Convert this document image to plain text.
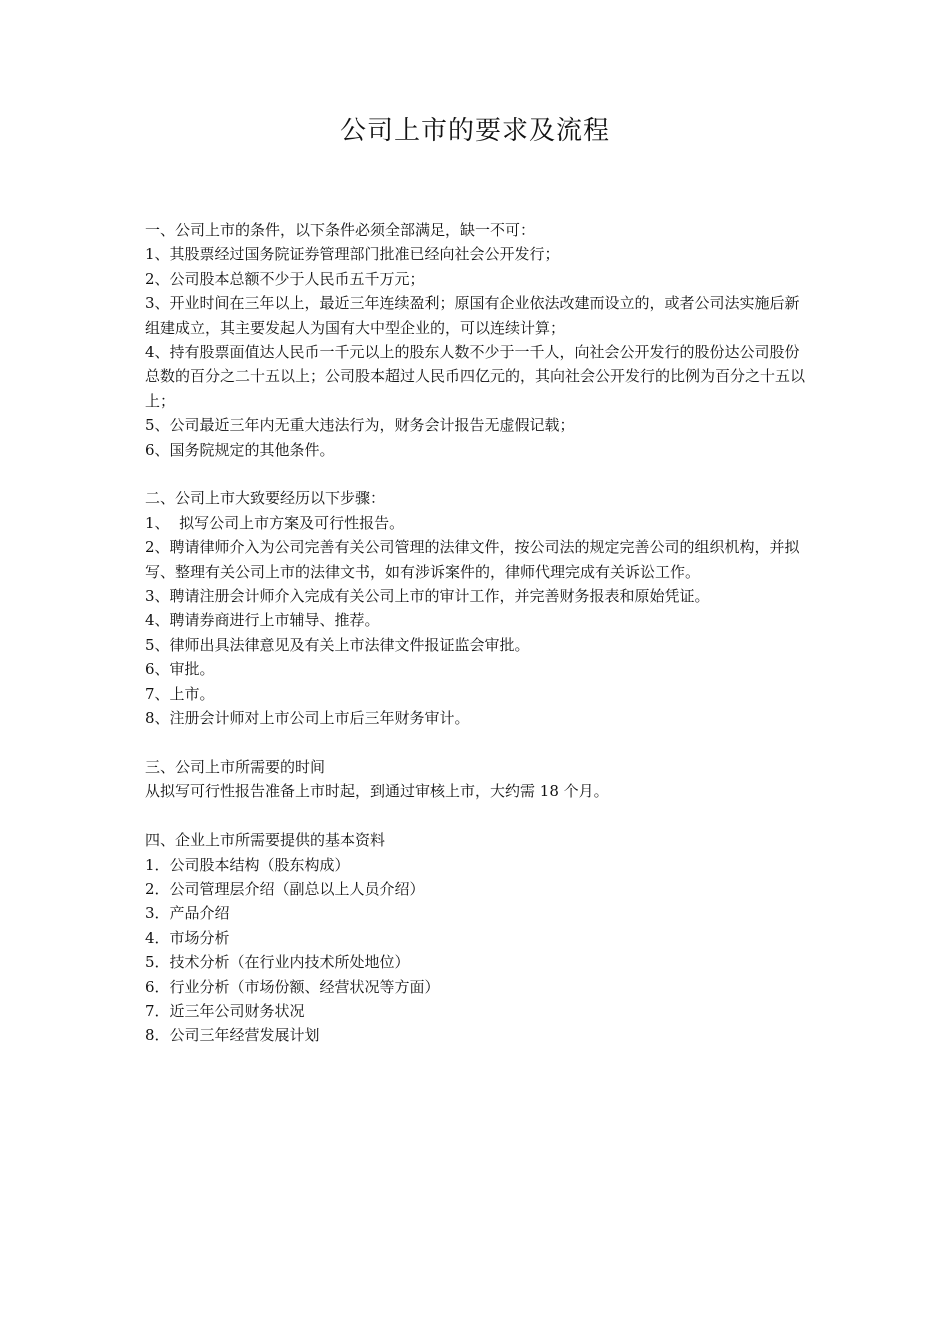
公司上市的要求及流程

一、公司上市的条件，以下条件必须全部满足，缺一不可：

1、其股票经过国务院证券管理部门批准已经向社会公开发行；

2、公司股本总额不少于人民币五千万元；

3、开业时间在三年以上，最近三年连续盈利；原国有企业依法改建而设立的，或者公司法实施后新组建成立，其主要发起人为国有大中型企业的，可以连续计算；

4、持有股票面值达人民币一千元以上的股东人数不少于一千人，向社会公开发行的股份达公司股份总数的百分之二十五以上；公司股本超过人民币四亿元的，其向社会公开发行的比例为百分之十五以上；

5、公司最近三年内无重大违法行为，财务会计报告无虚假记载；

6、国务院规定的其他条件。

二、公司上市大致要经历以下步骤：

1、  拟写公司上市方案及可行性报告。

2、聘请律师介入为公司完善有关公司管理的法律文件，按公司法的规定完善公司的组织机构，并拟写、整理有关公司上市的法律文书，如有涉诉案件的，律师代理完成有关诉讼工作。

3、聘请注册会计师介入完成有关公司上市的审计工作，并完善财务报表和原始凭证。

4、聘请券商进行上市辅导、推荐。

5、律师出具法律意见及有关上市法律文件报证监会审批。

6、审批。

7、上市。

8、注册会计师对上市公司上市后三年财务审计。

三、公司上市所需要的时间

从拟写可行性报告准备上市时起，到通过审核上市，大约需 18 个月。

四、企业上市所需要提供的基本资料

1．公司股本结构（股东构成）

2．公司管理层介绍（副总以上人员介绍）

3．产品介绍

4．市场分析

5．技术分析（在行业内技术所处地位）

6．行业分析（市场份额、经营状况等方面）

7．近三年公司财务状况

8．公司三年经营发展计划
